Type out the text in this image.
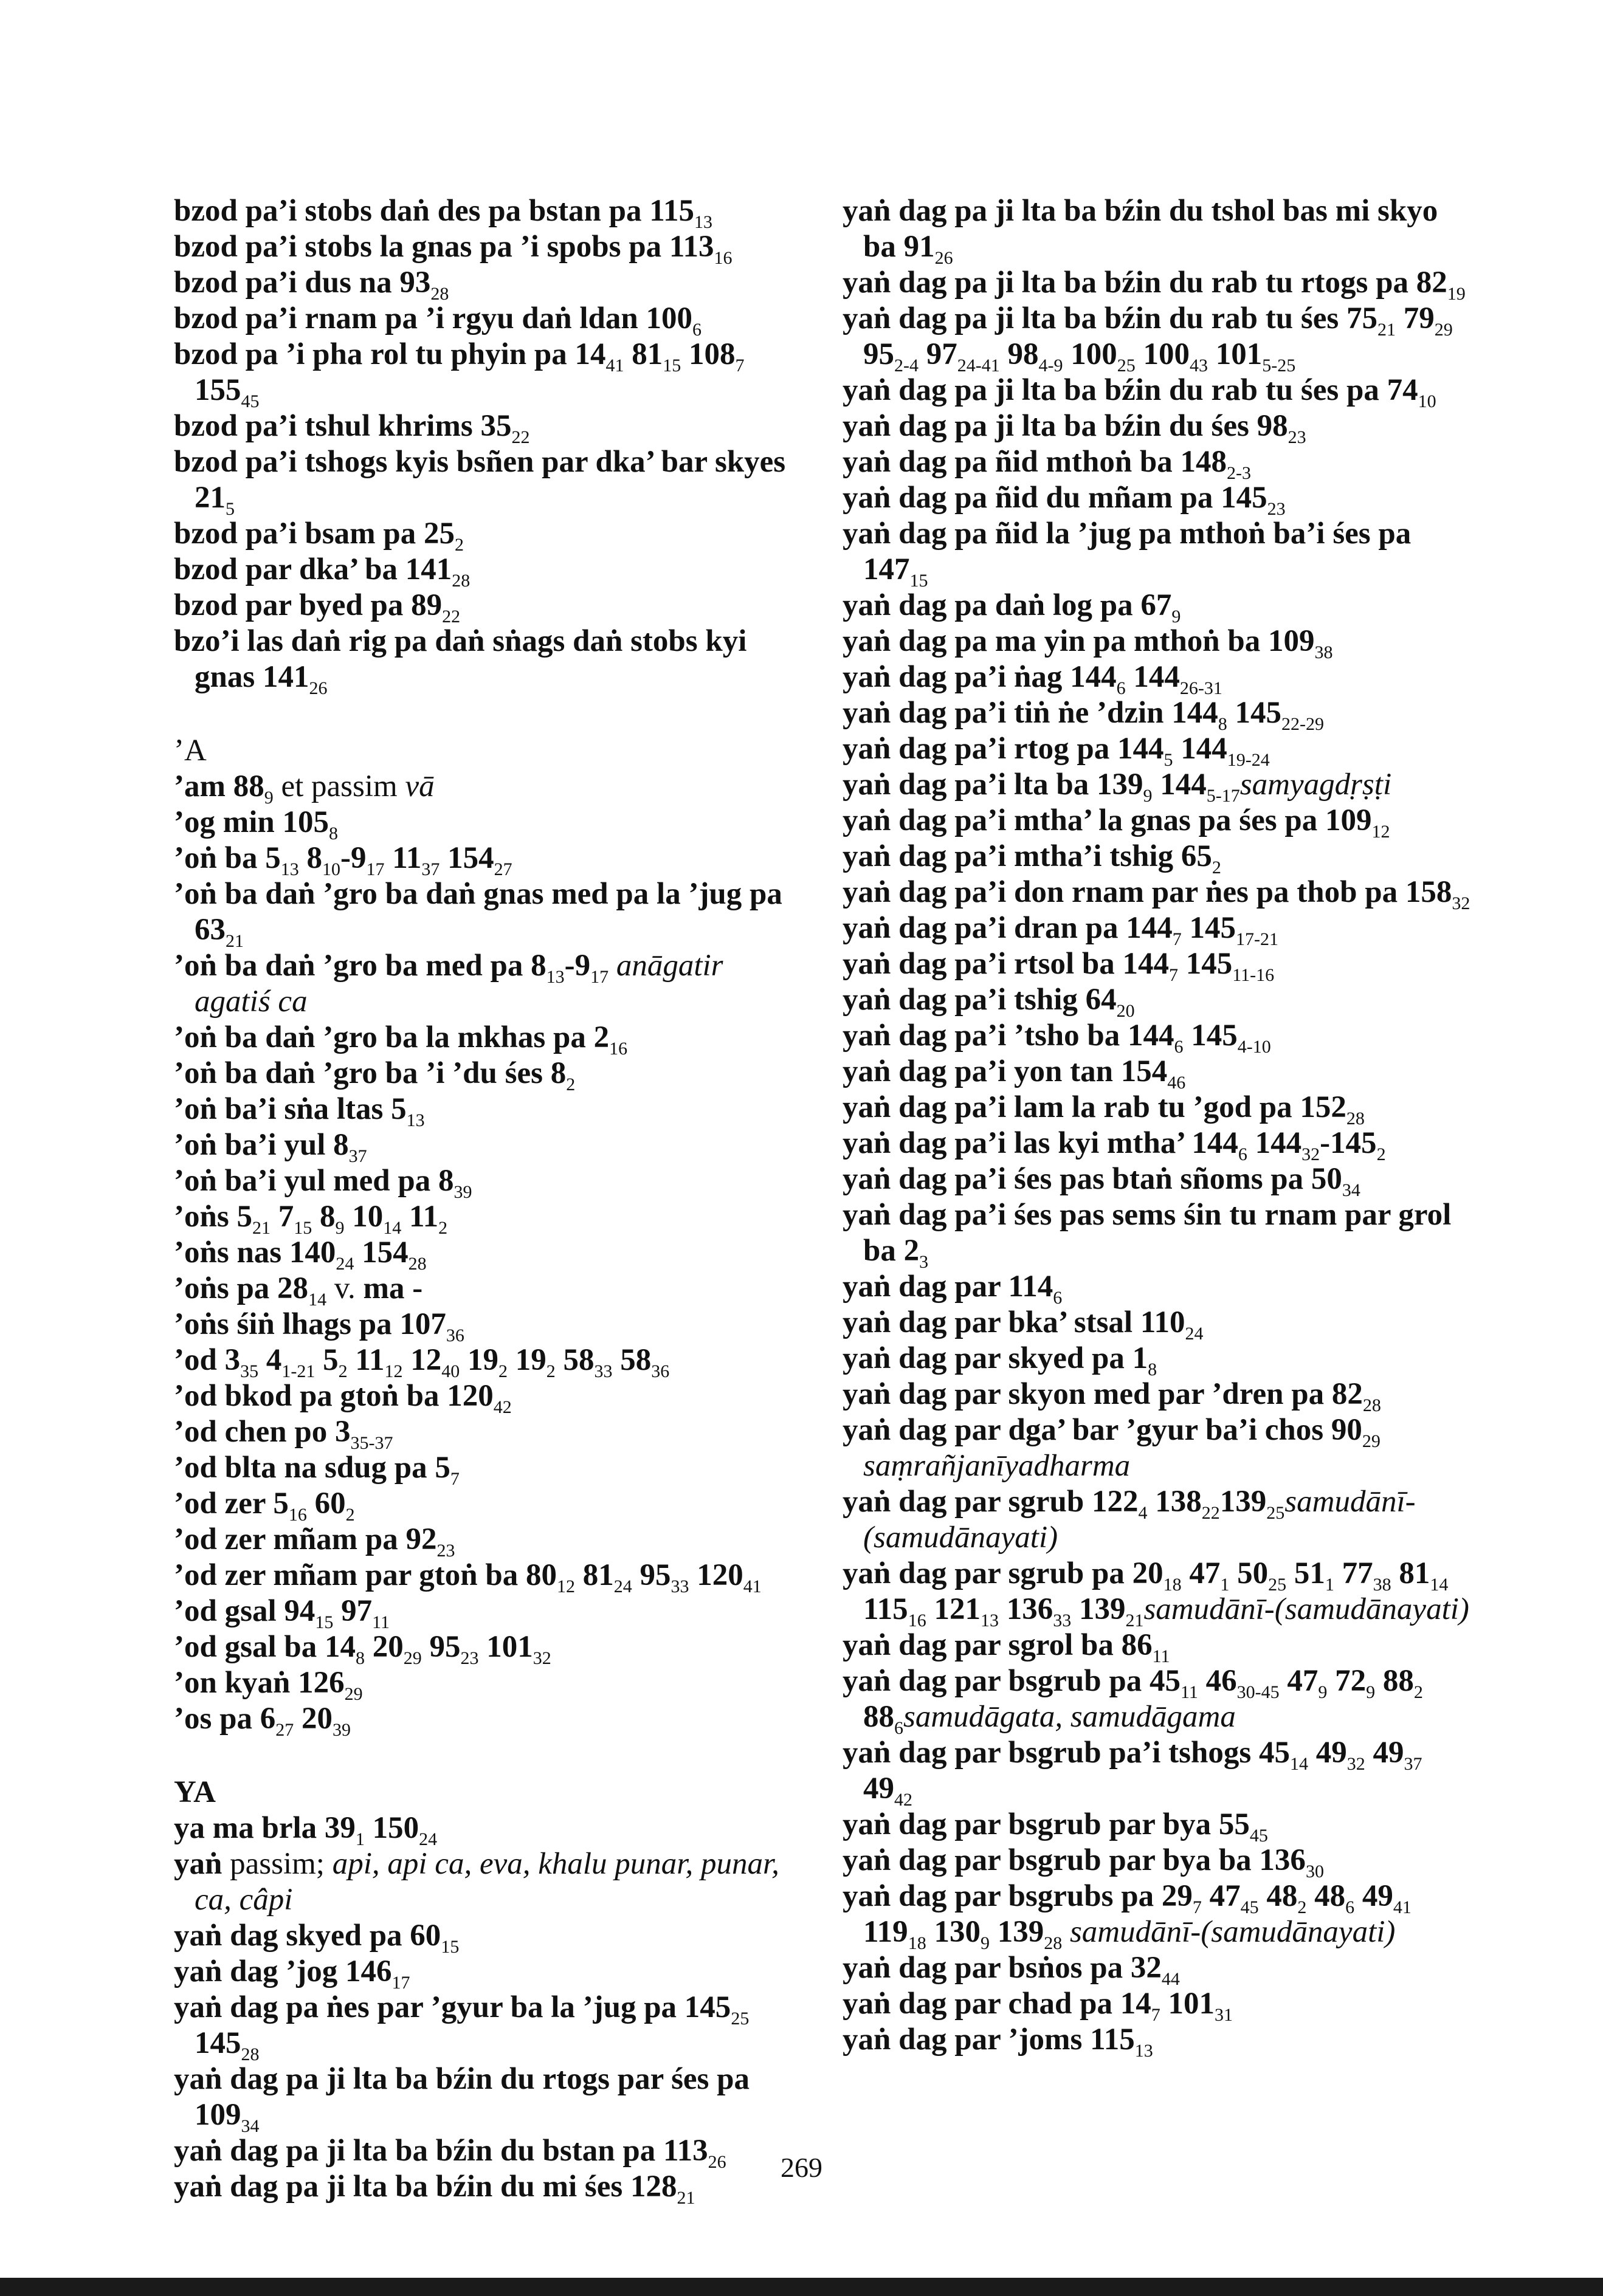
bzod pa’i stobs daṅ des pa bstan pa $115_{13}$

bzod pa’i stobs la gnas pa ’i spobs pa $113_{16}$

bzod pa’i dus na $93_{28}$

bzod pa’i rnam pa ’i rgyu daṅ ldan $100_6$

bzod pa ’i pha rol tu phyin pa $14_{41}$ $81_{15}$ $108_7$ $155_{45}$

bzod pa’i tshul khrims $35_{22}$

bzod pa’i tshogs kyis bsñen par dka’ bar skyes $21_5$

bzod pa’i bsam pa $25_2$

bzod par dka’ ba $141_{28}$

bzod par byed pa $89_{22}$

bzo’i las daṅ rig pa daṅ sṅags daṅ stobs kyi gnas $141_{26}$

’A

’am $88_9$ et passim vā

’og $\min 105_8$

’oṅ ba $5_{13}$ $8_{10}-9_{17}$ $11_{37}$ $154_{27}$

’oṅ ba daṅ ’gro ba daṅ gnas med pa la ’jug pa $63_{21}$

’oṅ ba daṅ ’gro ba med pa $8_{13}-9_{17}$ anāgatir agatiś ca

’oṅ ba daṅ ’gro ba la mkhas pa $2_{16}$

’oṅ ba daṅ ’gro ba ’i ’du śes $8_2$

’oṅ ba’i sṅa ltas $5_{13}$

’oṅ ba’i yul $8_{37}$

’oṅ ba’i yul med pa $8_{39}$

’oṅs $5_{21}$ $7_{15}$ $8_9$ $10_{14}$ $11_2$

’oṅs nas $140_{24}$ $154_{28}$

’oṅs pa $28_{14}$ v. ma -

’oṅs śiṅ lhags pa $107_{36}$

’od $3_{35}$ $4_{1-21}$ $5_2$ $11_{12}$ $12_{40}$ $19_2$ $19_2$ $58_{33}$ $58_{36}$

’od bkod pa gtoṅ ba $120_{42}$

’od chen po $3_{35-37}$

’od blta na sdug pa $5_7$

’od zer $5_{16}$ $60_2$

’od zer mñam pa $92_{23}$

’od zer mñam par gtoṅ ba $80_{12}$ $81_{24}$ $95_{33}$ $120_{41}$

’od gsal $94_{15}$ $97_{11}$

’od gsal ba $14_8$ $20_{29}$ $95_{23}$ $101_{32}$

’on kyaṅ $126_{29}$

’os pa $6_{27}$ $20_{39}$

YA

ya ma brla $39_1$ $150_{24}$

yaṅ passim; api, api ca, eva, khalu punar, punar, ca, câpi

yaṅ dag skyed pa $60_{15}$

yaṅ dag ’jog $146_{17}$

yaṅ dag pa ṅes par ’gyur ba la ’jug pa $145_{25}$ $145_{28}$

yaṅ dag pa ji lta ba bźin du rtogs par śes pa $109_{34}$

yaṅ dag pa ji lta ba bźin du bstan pa $113_{26}$

yaṅ dag pa ji lta ba bźin du mi śes $128_{21}$

yaṅ dag pa ji lta ba bźin du tshol bas mi skyo ba $91_{26}$

yaṅ dag pa ji lta ba bźin du rab tu rtogs pa $82_{19}$

yaṅ dag pa ji lta ba bźin du rab tu śes $75_{21}$ $79_{29}$ $95_{2-4}$ $97_{24-41}$ $98_{4-9}$ $100_{25}$ $100_{43}$ $101_{5-25}$

yaṅ dag pa ji lta ba bźin du rab tu śes pa $74_{10}$

yaṅ dag pa ji lta ba bźin du śes $98_{23}$

yaṅ dag pa ñid mthoṅ ba $148_{2-3}$

yaṅ dag pa ñid du mñam pa $145_{23}$

yaṅ dag pa ñid la ’jug pa mthoṅ ba’i śes pa $147_{15}$

yaṅ dag pa daṅ log pa $67_9$

yaṅ dag pa ma yin pa mthoṅ ba $109_{38}$

yaṅ dag pa’i ṅag $144_6$ $144_{26-31}$

yaṅ dag pa’i tiṅ ṅe ’dzin $144_8$ $145_{22-29}$

yaṅ dag pa’i rtog pa $144_5$ $144_{19-24}$

yaṅ dag pa’i lta ba $139_9$ $144_{5-17}samyagdṛṣṭi$

yaṅ dag pa’i mtha’ la gnas pa śes pa $109_{12}$

yaṅ dag pa’i mtha’i tshig $65_2$

yaṅ dag pa’i don rnam par ṅes pa thob pa $158_{32}$

yaṅ dag pa’i dran pa $144_7$ $145_{17-21}$

yaṅ dag pa’i rtsol ba $144_7$ $145_{11-16}$

yaṅ dag pa’i tshig $64_{20}$

yaṅ dag pa’i ’tsho ba $144_6$ $145_{4-10}$

yaṅ dag pa’i yon $\tan 154_{46}$

yaṅ dag pa’i lam la rab tu ’god pa $152_{28}$

yaṅ dag pa’i las kyi mtha’ $144_6$ $144_{32}-145_2$

yaṅ dag pa’i śes pas btaṅ sñoms pa $50_{34}$

yaṅ dag pa’i śes pas sems śin tu rnam par grol ba $2_3$

yaṅ dag par $114_6$

yaṅ dag par bka’ stsal $110_{24}$

yaṅ dag par skyed pa $1_8$

yaṅ dag par skyon med par ’dren pa $82_{28}$

yaṅ dag par dga’ bar ’gyur ba’i chos $90_{29}$ saṃrañjanīyadharma

yaṅ dag par sgrub $122_4$ $138_{22}139_{25}samudānī-(samudānayati)$

yaṅ dag par sgrub pa $20_{18}$ $47_1$ $50_{25}$ $51_1$ $77_{38}$ $81_{14}$ $115_{16}$ $121_{13}$ $136_{33}$ $139_{21}samudānī-(samudānayati)$

yaṅ dag par sgrol ba $86_{11}$

yaṅ dag par bsgrub pa $45_{11}$ $46_{30-45}$ $47_9$ $72_9$ $88_2$ $88_6samudāgata$, samudāgama

yaṅ dag par bsgrub pa’i tshogs $45_{14}$ $49_{32}$ $49_{37}$ $49_{42}$

yaṅ dag par bsgrub par bya $55_{45}$

yaṅ dag par bsgrub par bya ba $136_{30}$

yaṅ dag par bsgrubs pa $29_7$ $47_{45}$ $48_2$ $48_6$ $49_{41}$ $119_{18}$ $130_9$ $139_{28}$ samudānī-(samudānayati)

yaṅ dag par bsṅos pa $32_{44}$

yaṅ dag par chad pa $14_7$ $101_{31}$

yaṅ dag par ’joms $115_{13}$

269
